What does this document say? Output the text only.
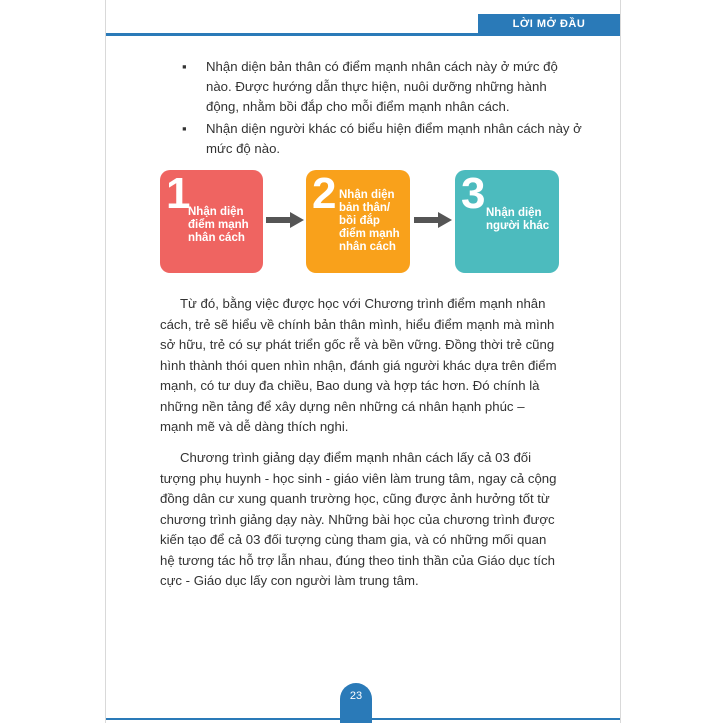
LỜI MỞ ĐẦU
▪ Nhận diện bản thân có điểm mạnh nhân cách này ở mức độ nào. Được hướng dẫn thực hiện, nuôi dưỡng những hành động, nhằm bồi đắp cho mỗi điểm mạnh nhân cách.
▪ Nhận diện người khác có biểu hiện điểm mạnh nhân cách này ở mức độ nào.
1
Nhận diện điểm mạnh nhân cách
2 Nhận diện bản thân/ bồi đắp điểm mạnh nhân cách
3 Nhận diện người khác

Từ đó, bằng việc được học với Chương trình điểm mạnh nhân cách, trẻ sẽ hiểu về chính bản thân mình, hiểu điểm mạnh mà mình sở hữu, trẻ có sự phát triển gốc rễ và bền vững. Đồng thời trẻ cũng hình thành thói quen nhìn nhận, đánh giá người khác dựa trên điểm mạnh, có tư duy đa chiều, Bao dung và hợp tác hơn. Đó chính là những nền tảng để xây dựng nên những cá nhân hạnh phúc – mạnh mẽ và dễ dàng thích nghi.

Chương trình giảng dạy điểm mạnh nhân cách lấy cả 03 đối tượng phụ huynh - học sinh - giáo viên làm trung tâm, ngay cả cộng đồng dân cư xung quanh trường học, cũng được ảnh hưởng tốt từ chương trình giảng dạy này. Những bài học của chương trình được kiến tạo để cả 03 đối tượng cùng tham gia, và có những mối quan hệ tương tác hỗ trợ lẫn nhau, đúng theo tinh thần của Giáo dục tích cực - Giáo dục lấy con người làm trung tâm.

23
